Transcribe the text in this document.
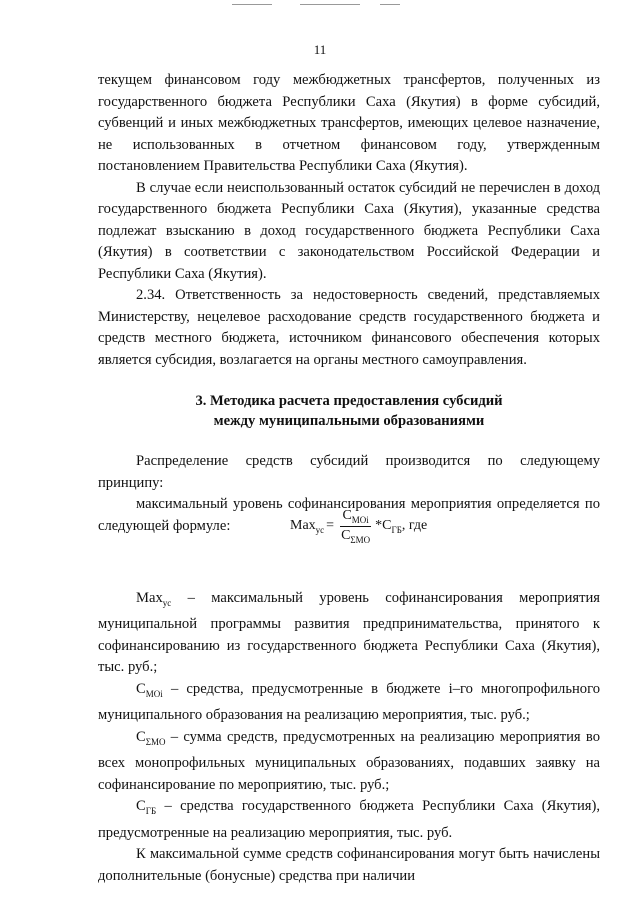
11

текущем финансовом году межбюджетных трансфертов, полученных из государственного бюджета Республики Саха (Якутия) в форме субсидий, субвенций и иных межбюджетных трансфертов, имеющих целевое назначение, не использованных в отчетном финансовом году, утвержденным постановлением Правительства Республики Саха (Якутия).

В случае если неиспользованный остаток субсидий не перечислен в доход государственного бюджета Республики Саха (Якутия), указанные средства подлежат взысканию в доход государственного бюджета Республики Саха (Якутия) в соответствии с законодательством Российской Федерации и Республики Саха (Якутия).

2.34. Ответственность за недостоверность сведений, представляемых Министерству, нецелевое расходование средств государственного бюджета и средств местного бюджета, источником финансового обеспечения которых является субсидия, возлагается на органы местного самоуправления.

3. Методика расчета предоставления субсидий

между муниципальными образованиями

Распределение средств субсидий производится по следующему принципу:

максимальный уровень софинансирования мероприятия определяется по следующей формуле:	$Max_{ус} = \frac{C_{MOi}}{C_{\Sigma MO}} * C_{ГБ}$ , где

Max$_{ус}$ – максимальный уровень софинансирования мероприятия муниципальной программы развития предпринимательства, принятого к софинансированию из государственного бюджета Республики Саха (Якутия), тыс. руб.;

$C_{MOi}$ – средства, предусмотренные в бюджете i–го многопрофильного муниципального образования на реализацию мероприятия, тыс. руб.;

$C_{\Sigma MO}$ – сумма средств, предусмотренных на реализацию мероприятия во всех монопрофильных муниципальных образованиях, подавших заявку на софинансирование по мероприятию, тыс. руб.;

$C_{ГБ}$ – средства государственного бюджета Республики Саха (Якутия), предусмотренные на реализацию мероприятия, тыс. руб.

К максимальной сумме средств софинансирования могут быть начислены дополнительные (бонусные) средства при наличии
